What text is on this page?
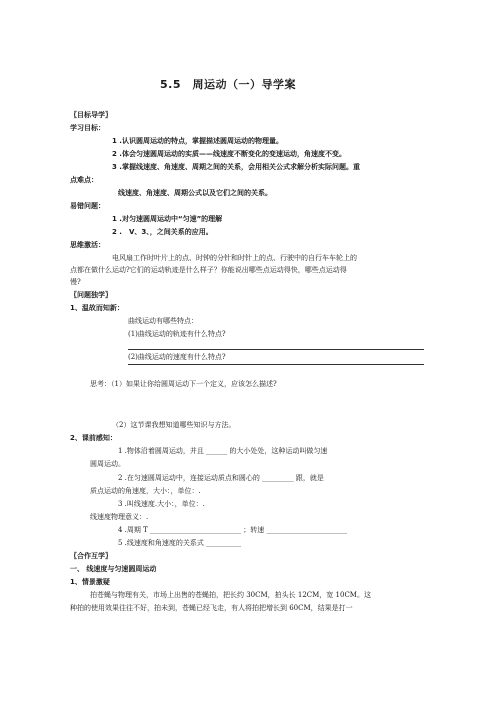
5.5　周运动（一）导学案
〖目标导学〗
学习目标：
1 .认识圆周运动的特点，掌握描述圆周运动的物理量。
2 .体会匀速圆周运动的实质——线速度不断变化的变速运动，角速度不变。
3 .掌握线速度、角速度、周期之间的关系，会用相关公式求解分析实际问题。重
点难点：
线速度、角速度、周期公式以及它们之间的关系。
易错问题：
1 .对匀速圆周运动中“匀速”的理解
2 .　V、3、，之间关系的应用。
思维激活：
电风扇工作时叶片上的点、时钟的分针和时针上的点、行驶中的自行车车轮上的
点都在做什么运动?它们的运动轨迹是什么样子？你能说出哪些点运动得快，哪些点运动得
慢?
〖问题独学〗
1、温故而知新：
曲线运动有哪些特点：
(1)曲线运动的轨迹有什么特点?
(2)曲线运动的速度有什么特点?
思考：（1）如果让你给圆周运动下一个定义，应该怎么描述?
（2）这节课我想知道哪些知识与方法。
2、课前感知：
1 .物体沿着圆周运动，并且 ______ 的大小处处，这种运动叫做匀速
圆周运动。
2 .在匀速圆周运动中，连接运动质点和圆心的 _________ 跟，就是
质点运动的角速度，大小：，单位：.
3 .叫线速度.大小：，单位：.
线速度物理意义：.
4 .周期 T __________________________ ；转速 _______________________
5 .线速度和角速度的关系式 __________
〖合作互学〗
一、 线速度与匀速圆周运动
1、情景激疑
拍苍蝇与物理有关，市场上出售的苍蝇拍，把长约 30CM，拍头长 12CM，宽 10CM。这
种拍的使用效果往往不好，拍未到，苍蝇已经飞走，有人将拍把增长到 60CM，结果是打一
